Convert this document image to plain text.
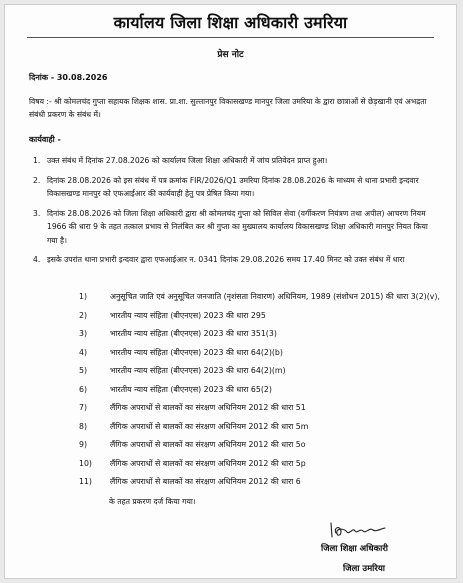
कार्यालय जिला शिक्षा अधिकारी उमरिया
प्रेस नोट
दिनांक - 30.08.2026
विषय :- श्री कोमलचंद गुप्ता सहायक शिक्षक शास. प्रा.शा. सुल्तानपुर विकासखण्ड मानपुर जिला उमरिया के द्वारा छात्राओं से छेड़खानी एवं अभद्रता संबंधी प्रकरण के संबंध में।
कार्यवाही -
1. उक्त संबंध में दिनांक 27.08.2026 को कार्यालय जिला शिक्षा अधिकारी में जांच प्रतिवेदन प्राप्त हुआ।
2. दिनांक 28.08.2026 को इस संबंध में पत्र क्रमांक FIR/2026/Q1 उमरिया दिनांक 28.08.2026 के माध्यम से थाना प्रभारी इन्दवार विकासखण्ड मानपुर को एफआईआर की कार्यवाही हेतु पत्र प्रेषित किया गया।
3. दिनांक 28.08.2026 को जिला शिक्षा अधिकारी द्वारा श्री कोमलचंद गुप्ता को सिविल सेवा (वर्गीकरण नियंत्रण तथा अपील) आचरण नियम 1966 की धारा 9 के तहत तत्काल प्रभाव से निलंबित कर श्री गुप्ता का मुख्यालय कार्यालय विकासखण्ड शिक्षा अधिकारी मानपुर नियत किया गया है।
4. इसके उपरांत थाना प्रभारी इन्दवार द्वारा एफआईआर न. 0341 दिनांक 29.08.2026 समय 17.40 मिनट को उक्त संबंध में धारा
1)	अनुसूचित जाति एवं अनुसूचित जनजाति (नृशंसता निवारण) अधिनियम, 1989 (संशोधन 2015) की धारा 3(2)(v),
2)	भारतीय न्याय संहिता (बीएनएस) 2023 की धारा 295
3)	भारतीय न्याय संहिता (बीएनएस) 2023 की धारा 351(3)
4)	भारतीय न्याय संहिता (बीएनएस) 2023 की धारा 64(2)(b)
5)	भारतीय न्याय संहिता (बीएनएस) 2023 की धारा 64(2)(m)
6)	भारतीय न्याय संहिता (बीएनएस) 2023 की धारा 65(2)
7)	लैंगिक अपराधों से बालकों का संरक्षण अधिनियम 2012 की धारा 51
8)	लैंगिक अपराधों से बालकों का संरक्षण अधिनियम 2012 की धारा 5m
9)	लैंगिक अपराधों से बालकों का संरक्षण अधिनियम 2012 की धारा 5o
10)	लैंगिक अपराधों से बालकों का संरक्षण अधिनियम 2012 की धारा 5p
11)	लैंगिक अपराधों से बालकों का संरक्षण अधिनियम 2012 की धारा 6
के तहत प्रकरण दर्ज किया गया।
जिला शिक्षा अधिकारी
जिला उमरिया
